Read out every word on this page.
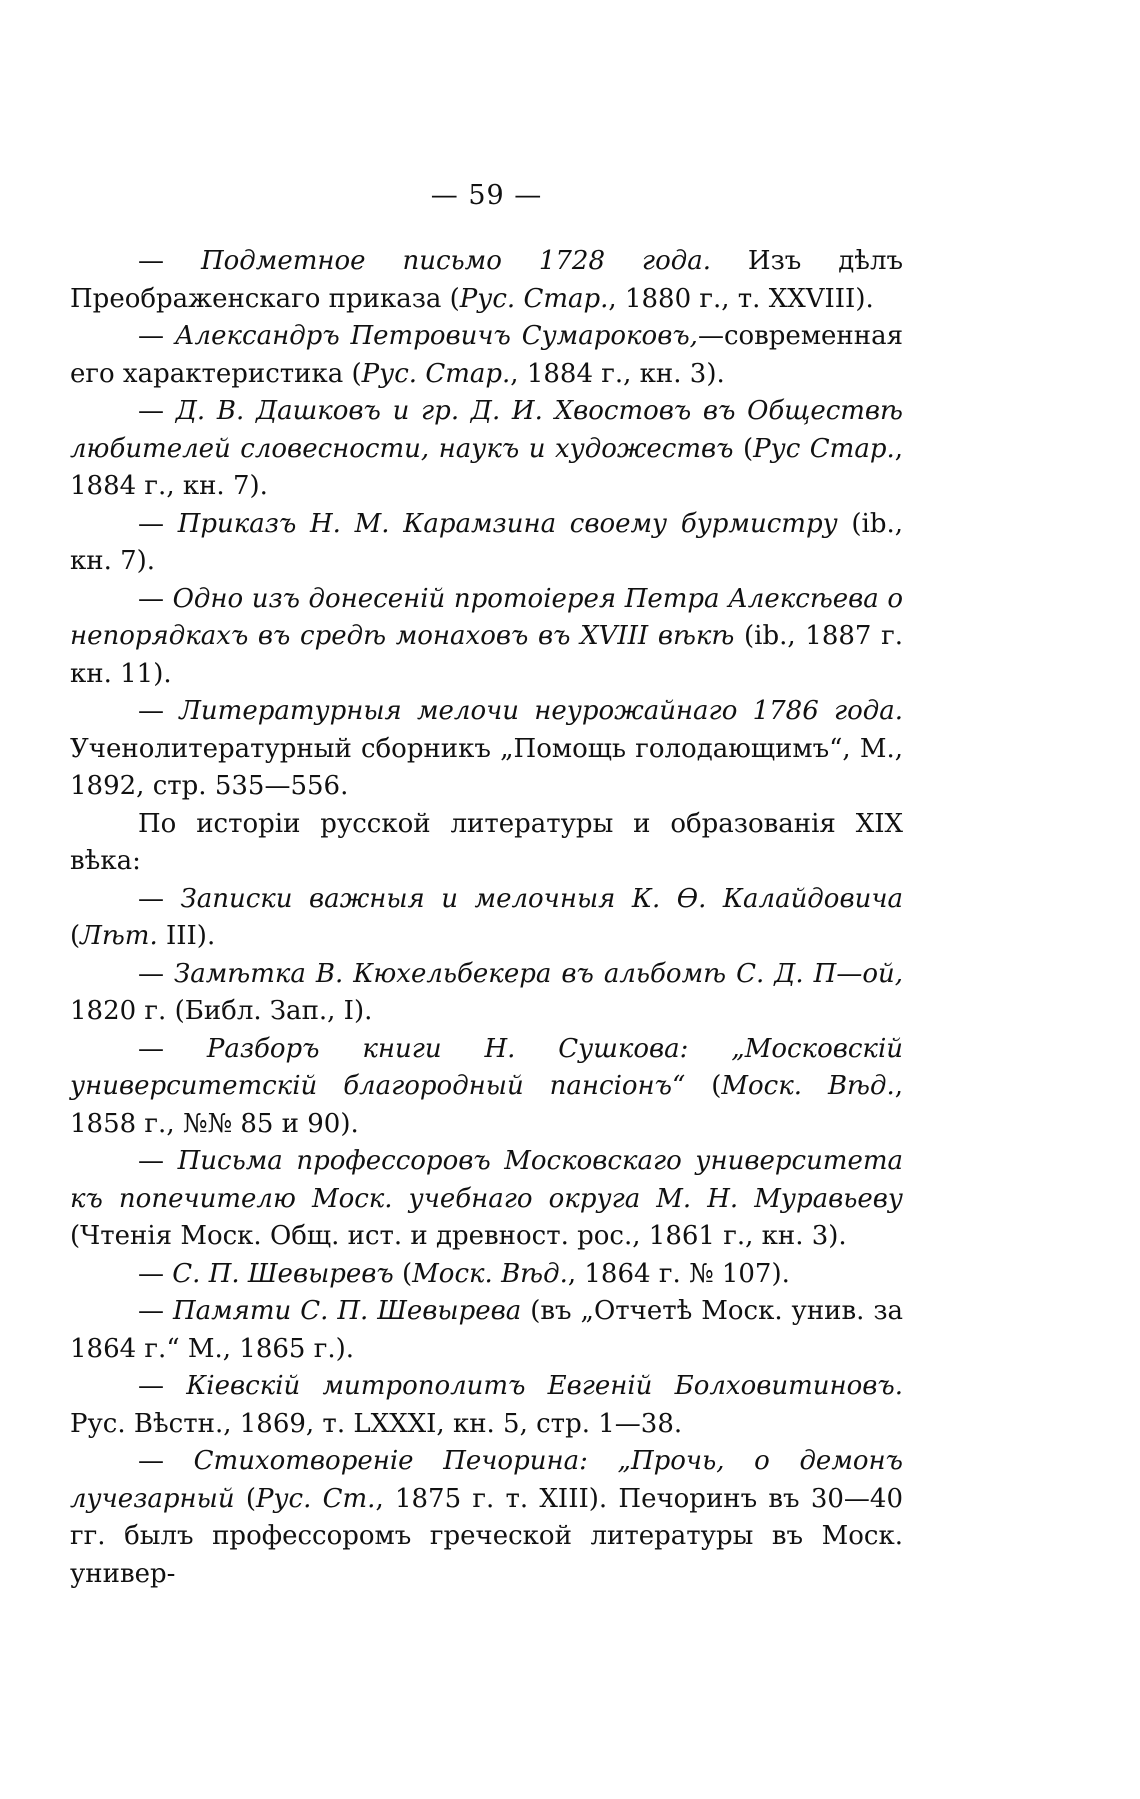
— 59 —

— Подметное письмо 1728 года. Изъ дѣлъ Преображенскаго приказа (Рус. Стар., 1880 г., т. XXVIII).

— Александръ Петровичъ Сумароковъ,—современная его характеристика (Рус. Стар., 1884 г., кн. 3).

— Д. В. Дашковъ и гр. Д. И. Хвостовъ въ Обществѣ любителей словесности, наукъ и художествъ (Рус Стар., 1884 г., кн. 7).

— Приказъ Н. М. Карамзина своему бурмистру (ib., кн. 7).

— Одно изъ донесеній протоіерея Петра Алексѣева о непорядкахъ въ средѣ монаховъ въ XVIII вѣкѣ (ib., 1887 г. кн. 11).

— Литературныя мелочи неурожайнаго 1786 года. Ученолитературный сборникъ „Помощь голодающимъ“, М., 1892, стр. 535—556.

По исторіи русской литературы и образованія XIX вѣка:

— Записки важныя и мелочныя К. Ѳ. Калайдовича (Лѣт. III).

— Замѣтка В. Кюхельбекера въ альбомѣ С. Д. П—ой, 1820 г. (Библ. Зап., I).

— Разборъ книги Н. Сушкова: „Московскій университетскій благородный пансіонъ“ (Моск. Вѣд., 1858 г., №№ 85 и 90).

— Письма профессоровъ Московскаго университета къ попечителю Моск. учебнаго округа М. Н. Муравьеву (Чтенія Моск. Общ. ист. и древност. рос., 1861 г., кн. 3).

— С. П. Шевыревъ (Моск. Вѣд., 1864 г. № 107).

— Памяти С. П. Шевырева (въ „Отчетѣ Моск. унив. за 1864 г.“ М., 1865 г.).

— Кіевскій митрополитъ Евгеній Болховитиновъ. Рус. Вѣстн., 1869, т. LXXXI, кн. 5, стр. 1—38.

— Стихотвореніе Печорина: „Прочь, о демонъ лучезарный (Рус. Ст., 1875 г. т. XIII). Печоринъ въ 30—40 гг. былъ профессоромъ греческой литературы въ Моск. универ-
